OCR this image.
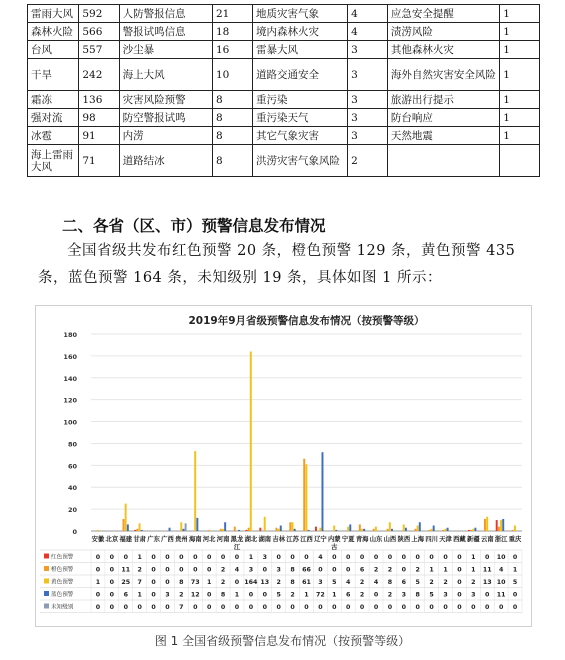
雷雨大风	592	人防警报信息	21	地质灾害气象	4	应急安全提醒	1
森林火险	566	警报试鸣信息	18	境内森林火灾	4	渍涝风险	1
台风	557	沙尘暴	16	雷暴大风	3	其他森林火灾	1
干旱	242	海上大风	10	道路交通安全	3	海外自然灾害安全风险	1
霜冻	136	灾害风险预警	8	重污染	3	旅游出行提示	1
强对流	98	防空警报试鸣	8	重污染天气	3	防台响应	1
冰雹	91	内涝	8	其它气象灾害	3	天然地震	1
海上雷雨大风	71	道路结冰	8	洪涝灾害气象风险	2		
二、各省（区、市）预警信息发布情况
全国省级共发布红色预警 20 条，橙色预警 129 条，黄色预警 435 条，蓝色预警 164 条，未知级别 19 条，具体如图 1 所示：
2019年9月省级预警信息发布情况（按预警等级）
0
20
40
60
80
100
120
140
160
180
安徽 北京 福建 甘肃 广东 广西 贵州 海南 河北 河南 黑龙
江
湖北 湖南 吉林 江苏 江西 辽宁 内蒙
古
宁夏 青海 山东 山西 陕西 上海 四川 天津 西藏 新疆 云南 浙江 重庆
红色预警	0 0 0 1 0 0 0 0 0 0 0 1 3 0 0 0 4 0 0 0 0 0 0 0 0 0 0 1 0 10 0
橙色预警	0 0 11 2 0 0 0 0 0 2 4 3 0 3 8 66 0 0 0 6 2 2 0 2 1 1 0 1 11 4 1
黄色预警	1 0 25 7 0 0 8 73 1 2 0 164 13 2 8 61 3 5 4 2 4 8 6 5 2 2 0 2 13 10 5
蓝色预警	0 0 6 1 0 3 2 12 0 8 1 0 0 5 2 1 72 1 6 2 0 2 3 8 5 3 0 3 0 11 0
未知级别	0 0 0 0 0 0 7 0 0 0 0 0 0 0 0 0 0 0 0 0 0 0 0 0 0 0 0 0 0 0 0
图 1 全国省级预警信息发布情况（按预警等级）
